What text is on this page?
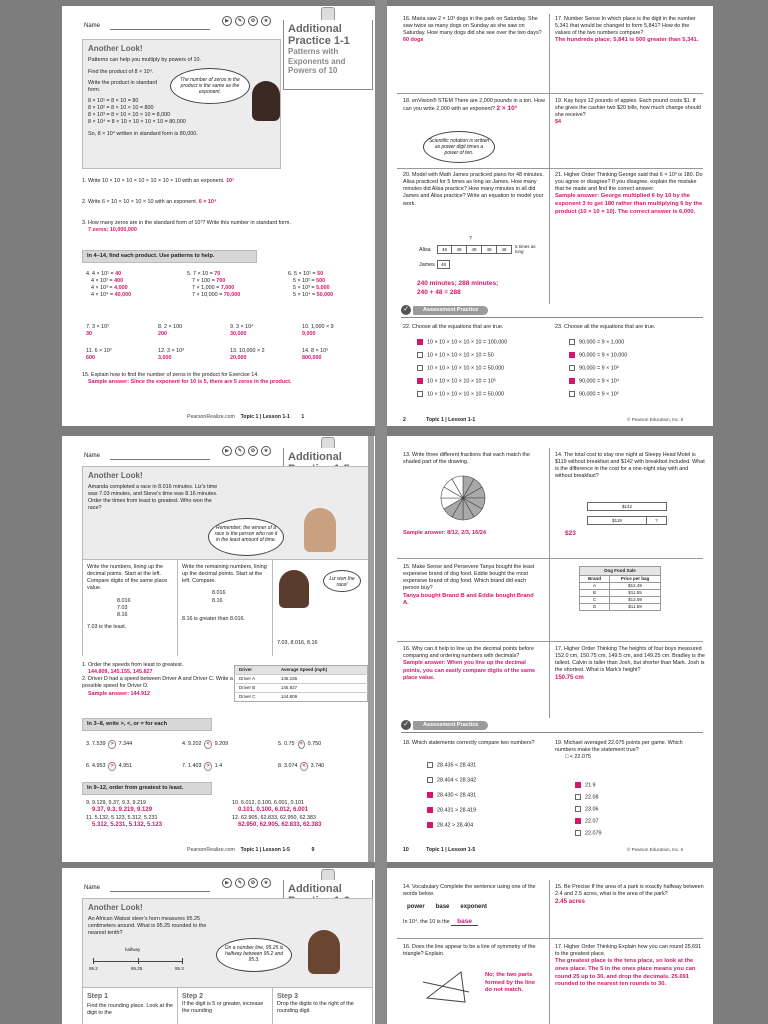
Name
▶	✎	⚙	★
Additional Practice 1-1
Patterns with Exponents and Powers of 10
Another Look!
Patterns can help you multiply by powers of 10.
Find the product of 8 × 10⁴.
Write the product in standard form.
8 × 10¹ = 8 × 10 = 80
8 × 10² = 8 × 10 × 10 = 800
8 × 10³ = 8 × 10 × 10 × 10 = 8,000
8 × 10⁴ = 8 × 10 × 10 × 10 × 10 = 80,000
So, 8 × 10⁴ written in standard form is 80,000.
The number of zeros in the product is the same as the exponent.
1. Write 10 × 10 × 10 × 10 × 10 × 10 × 10 with an exponent. 10⁷
2. Write 6 × 10 × 10 × 10 × 10 with an exponent. 6 × 10⁴
3. How many zeros are in the standard form of 10⁷? Write this number in standard form.
7 zeros; 10,000,000
In 4–14, find each product. Use patterns to help.
4. 4 × 10¹ = 40
4 × 10² = 400
4 × 10³ = 4,000
4 × 10⁴ = 40,000
5. 7 × 10 = 70
7 × 100 = 700
7 × 1,000 = 7,000
7 × 10,000 = 70,000
6. 5 × 10¹ = 50
5 × 10² = 500
5 × 10³ = 5,000
5 × 10⁴ = 50,000
7. 3 × 10¹
30
8. 2 × 100
200
9. 3 × 10⁴
30,000
10. 1,000 × 9
9,000
11. 6 × 10²
600
12. 3 × 10³
3,000
13. 10,000 × 2
20,000
14. 8 × 10⁵
800,000
15. Explain how to find the number of zeros in the product for Exercise 14.
Sample answer: Since the exponent for 10 is 5, there are 5 zeros in the product.
PearsonRealize.com Topic 1 | Lesson 1-1 1
16. Maria saw 2 × 10³ dogs in the park on Saturday. She saw twice as many dogs on Sunday as she saw on Saturday. How many dogs did she see over the two days?
60 dogs
17. Number Sense In which place is the digit in the number 5,341 that would be changed to form 5,841? How do the values of the two numbers compare?
The hundreds place; 5,841 is 500 greater than 5,341.
18. enVision® STEM There are 2,000 pounds in a ton. How can you write 2,000 with an exponent? 2 × 10³
Scientific notation is written as power digit times a power of ten.
19. Kay buys 12 pounds of apples. Each pound costs $1. If she gives the cashier two $20 bills, how much change should she receive?
$4
20. Model with Math James practiced piano for 48 minutes. Alisa practiced for 5 times as long as James. How many minutes did Alisa practice? How many minutes in all did James and Alisa practice? Write an equation to model your work.
?
Alisa	48	48	48	48	48
5 times as long
James	48
240 minutes; 288 minutes;
240 + 48 = 288
21. Higher Order Thinking George said that 6 × 10³ is 180. Do you agree or disagree? If you disagree, explain the mistake that he made and find the correct answer.
Sample answer: George multiplied 6 by 10 by the exponent 3 to get 180 rather than multiplying 6 by the product (10 × 10 × 10). The correct answer is 6,000.
✓	Assessment Practice
22. Choose all the equations that are true.
10 × 10 × 10 × 10 × 10 = 100,000
10 × 10 × 10 × 10 × 10 = 50
10 × 10 × 10 × 10 × 10 = 50,000
10 × 10 × 10 × 10 × 10 = 10⁵
10 × 10 × 10 × 10 × 10 = 50,000
23. Choose all the equations that are true.
90,000 = 9 × 1,000
90,000 = 9 × 10,000
90,000 = 9 × 10³
90,000 = 9 × 10⁴
90,000 = 9 × 10⁵
2	Topic 1 | Lesson 1-1	© Pearson Education, Inc. 6
Name
▶	✎	⚙	★ Additional
Another Look!
Amanda completed a race in 8.016 minutes. Liz's time was 7.03 minutes, and Steve's time was 8.16 minutes. Order the times from least to greatest. Who won the race?
Write the numbers, lining up the decimal points. Start at the left. Compare digits of the same place value.
8.016
7.03
8.16
7.03 is the least.
Write the remaining numbers, lining up the decimal points. Start at the left. Compare.
8.016
8.16
8.16 is greater than 8.016.
Liz won the race!
7.03, 8.016, 8.16
Remember, the winner of a race is the person who ran it in the least amount of time.
1. Order the speeds from least to greatest.
144.809, 145.155, 145.827
2. Driver D had a speed between Driver A and Driver C. Write a possible speed for Driver D.
Sample answer: 144.912
Driver	Average Speed (mph)
Driver A	145.155
Driver B	145.827
Driver C	144.809
In 3–8, write >, <, or = for each
3. 7.539 > 7.344	4. 9.202 < 9.209	5. 0.75 = 0.750
6. 4.953 > 4.951	7. 1.403 > 1.4	8. 3.074 < 3.740
In 9–12, order from greatest to least.
9. 9.129, 9.37, 9.3, 9.219
9.37, 9.3, 9.219, 9.129
11. 5.132, 5.123, 5.312, 5.231
5.312, 5.231, 5.132, 5.123
10. 6.012, 0.100, 6.001, 0.101
0.101, 0.100, 6.012, 6.001
12. 62.905, 62.833, 62.950, 62.383
62.950, 62.905, 62.833, 62.383
PearsonRealize.com Topic 1 | Lesson 1-5	9
13. Write three different fractions that each match the shaded part of the drawing.
Sample answer: 8/12, 2/3, 16/24
14. The total cost to stay one night at Sleepy Head Motel is $119 without breakfast and $142 with breakfast included. What is the difference in the cost for a one-night stay with and without breakfast?
$142
$119	?
$23
15. Make Sense and Persevere Tanya bought the least expensive brand of dog food. Eddie bought the most expensive brand of dog food. Which brand did each person buy?
Tanya bought Brand B and Eddie bought Brand A.
Dog Food Sale
Brand	Price per bag
A	$12.49
B	$11.55
C	$12.09
D	$11.59
16. Why can it help to line up the decimal points before comparing and ordering numbers with decimals?
Sample answer: When you line up the decimal points, you can easily compare digits of the same place value.
17. Higher Order Thinking The heights of four boys measured 152.0 cm, 150.75 cm, 149.5 cm, and 149.25 cm. Bradley is the tallest. Calvin is taller than Josh, but shorter than Mark. Josh is the shortest. What is Mark's height?
150.75 cm
✓	Assessment Practice
18. Which statements correctly compare two numbers?
28.435 < 28.431
28.404 < 28.342
28.430 < 28.431
28.431 > 28.419
28.42 > 28.404
19. Michael averaged 22.075 points per game. Which numbers make the statement true?
□ < 22.075
21.9
22.08
23.06
22.07
22.079
10	Topic 1 | Lesson 1-5	© Pearson Education, Inc. 6
Name
▶	✎	⚙	★ Additional
Another Look!
An African Watusi steer's horn measures 95.25 centimeters around. What is 95.25 rounded to the nearest tenth?
halfway
95.2	95.25	95.3
Step 1
Find the rounding place. Look at the digit to the
Step 2
If the digit is 5 or greater, increase the rounding
Step 3
Drop the digits to the right of the rounding digit.
On a number line, 95.25 is halfway between 95.2 and 95.3.
14. Vocabulary Complete the sentence using one of the words below.
power base exponent
In 10⁴, the 10 is the base
16. Does the line appear to be a line of symmetry of the triangle? Explain.
No; the two parts formed by the line do not match.
15. Be Precise If the area of a park is exactly halfway between 2.4 and 2.5 acres, what is the area of the park?
2.45 acres
17. Higher Order Thinking Explain how you can round 25.691 to the greatest place.
The greatest place is the tens place, so look at the ones place. The 5 in the ones place means you can round 25 up to 30, and drop the decimals. 25.691 rounded to the nearest ten rounds to 30.
